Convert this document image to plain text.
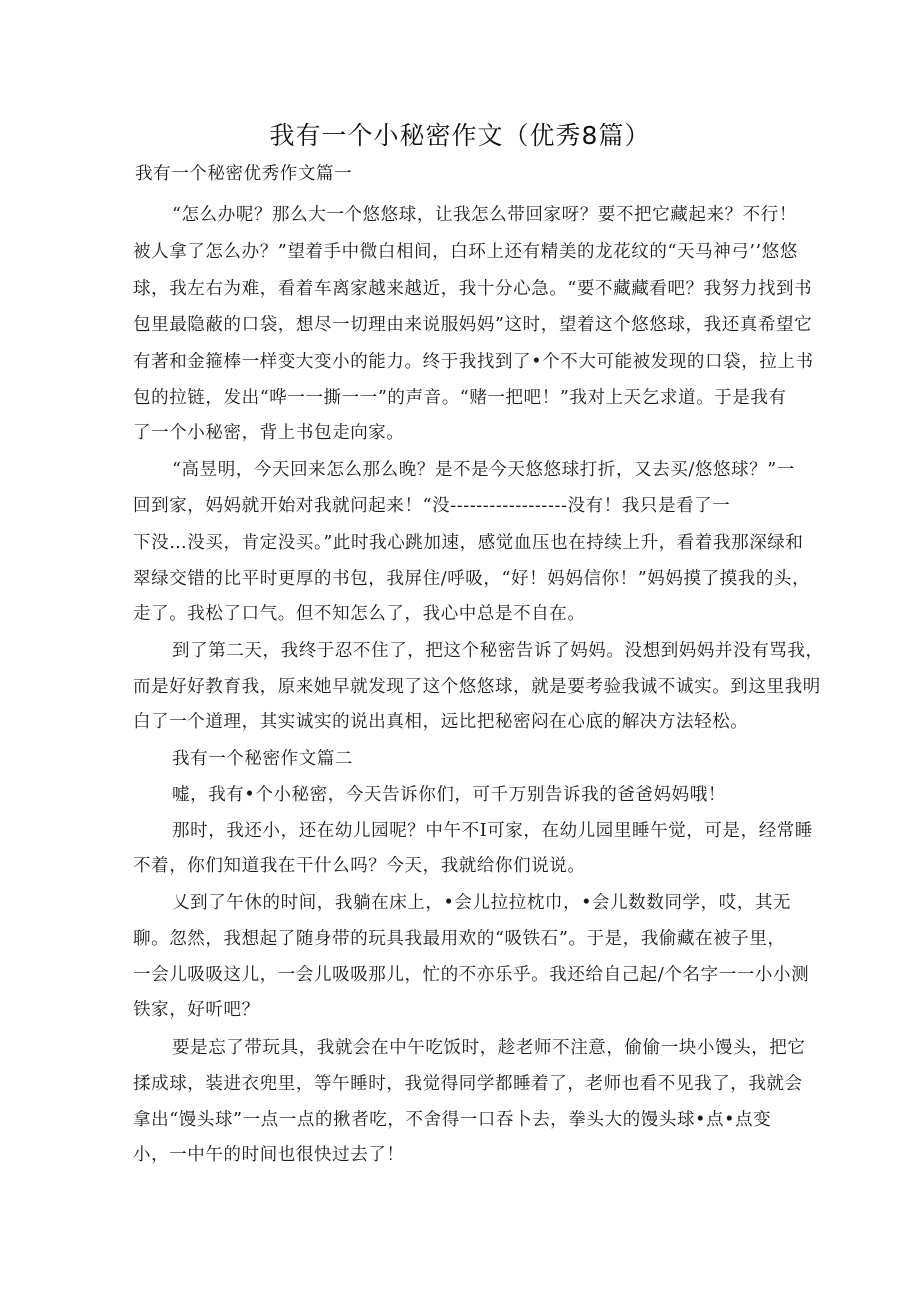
我有一个小秘密作文（优秀8篇）
我有一个秘密优秀作文篇一
“怎么办呢？那么大一个悠悠球，让我怎么带回家呀？要不把它藏起来？不行！
被人拿了怎么办？”望着手中微白相间，白环上还有精美的龙花纹的“天马神弓’’悠悠
球，我左右为难，看着车离家越来越近，我十分心急。“要不藏藏看吧？我努力找到书
包里最隐蔽的口袋，想尽一切理由来说服妈妈”这时，望着这个悠悠球，我还真希望它
有著和金箍棒一样变大变小的能力。终于我找到了•个不大可能被发现的口袋，拉上书
包的拉链，发出“哗一一撕一一”的声音。“赌一把吧！”我对上天乞求道。于是我有
了一个小秘密，背上书包走向家。
“高昱明，今天回来怎么那么晚？是不是今天悠悠球打折，又去买/悠悠球？”一
回到家，妈妈就开始对我就问起来！“没------------------没有！我只是看了一
下没…没买，肯定没买。”此时我心跳加速，感觉血压也在持续上升，看着我那深绿和
翠绿交错的比平时更厚的书包，我屏住/呼吸，“好！妈妈信你！”妈妈摸了摸我的头，
走了。我松了口气。但不知怎么了，我心中总是不自在。
到了第二天，我终于忍不住了，把这个秘密告诉了妈妈。没想到妈妈并没有骂我，
而是好好教育我，原来她早就发现了这个悠悠球，就是要考验我诚不诚实。到这里我明
白了一个道理，其实诚实的说出真相，远比把秘密闷在心底的解决方法轻松。
我有一个秘密作文篇二
嘘，我有•个小秘密，今天告诉你们，可千万别告诉我的爸爸妈妈哦！
那时，我还小，还在幼儿园呢？中午不I可家，在幼儿园里睡午觉，可是，经常睡
不着，你们知道我在干什么吗？今天，我就给你们说说。
乂到了午休的时间，我躺在床上，•会儿拉拉枕巾，•会儿数数同学，哎，其无
聊。忽然，我想起了随身带的玩具我最用欢的“吸铁石”。于是，我偷藏在被子里，
一会儿吸吸这儿，一会儿吸吸那儿，忙的不亦乐乎。我还给自己起/个名字一一小小测
铁家，好听吧？
要是忘了带玩具，我就会在中午吃饭时，趁老师不注意，偷偷一块小馒头，把它
揉成球，装进衣兜里，等午睡时，我觉得同学都睡着了，老师也看不见我了，我就会
拿出“馒头球”一点一点的揪者吃，不舍得一口吞卜去，拳头大的馒头球•点•点变
小，一中午的时间也很快过去了！
